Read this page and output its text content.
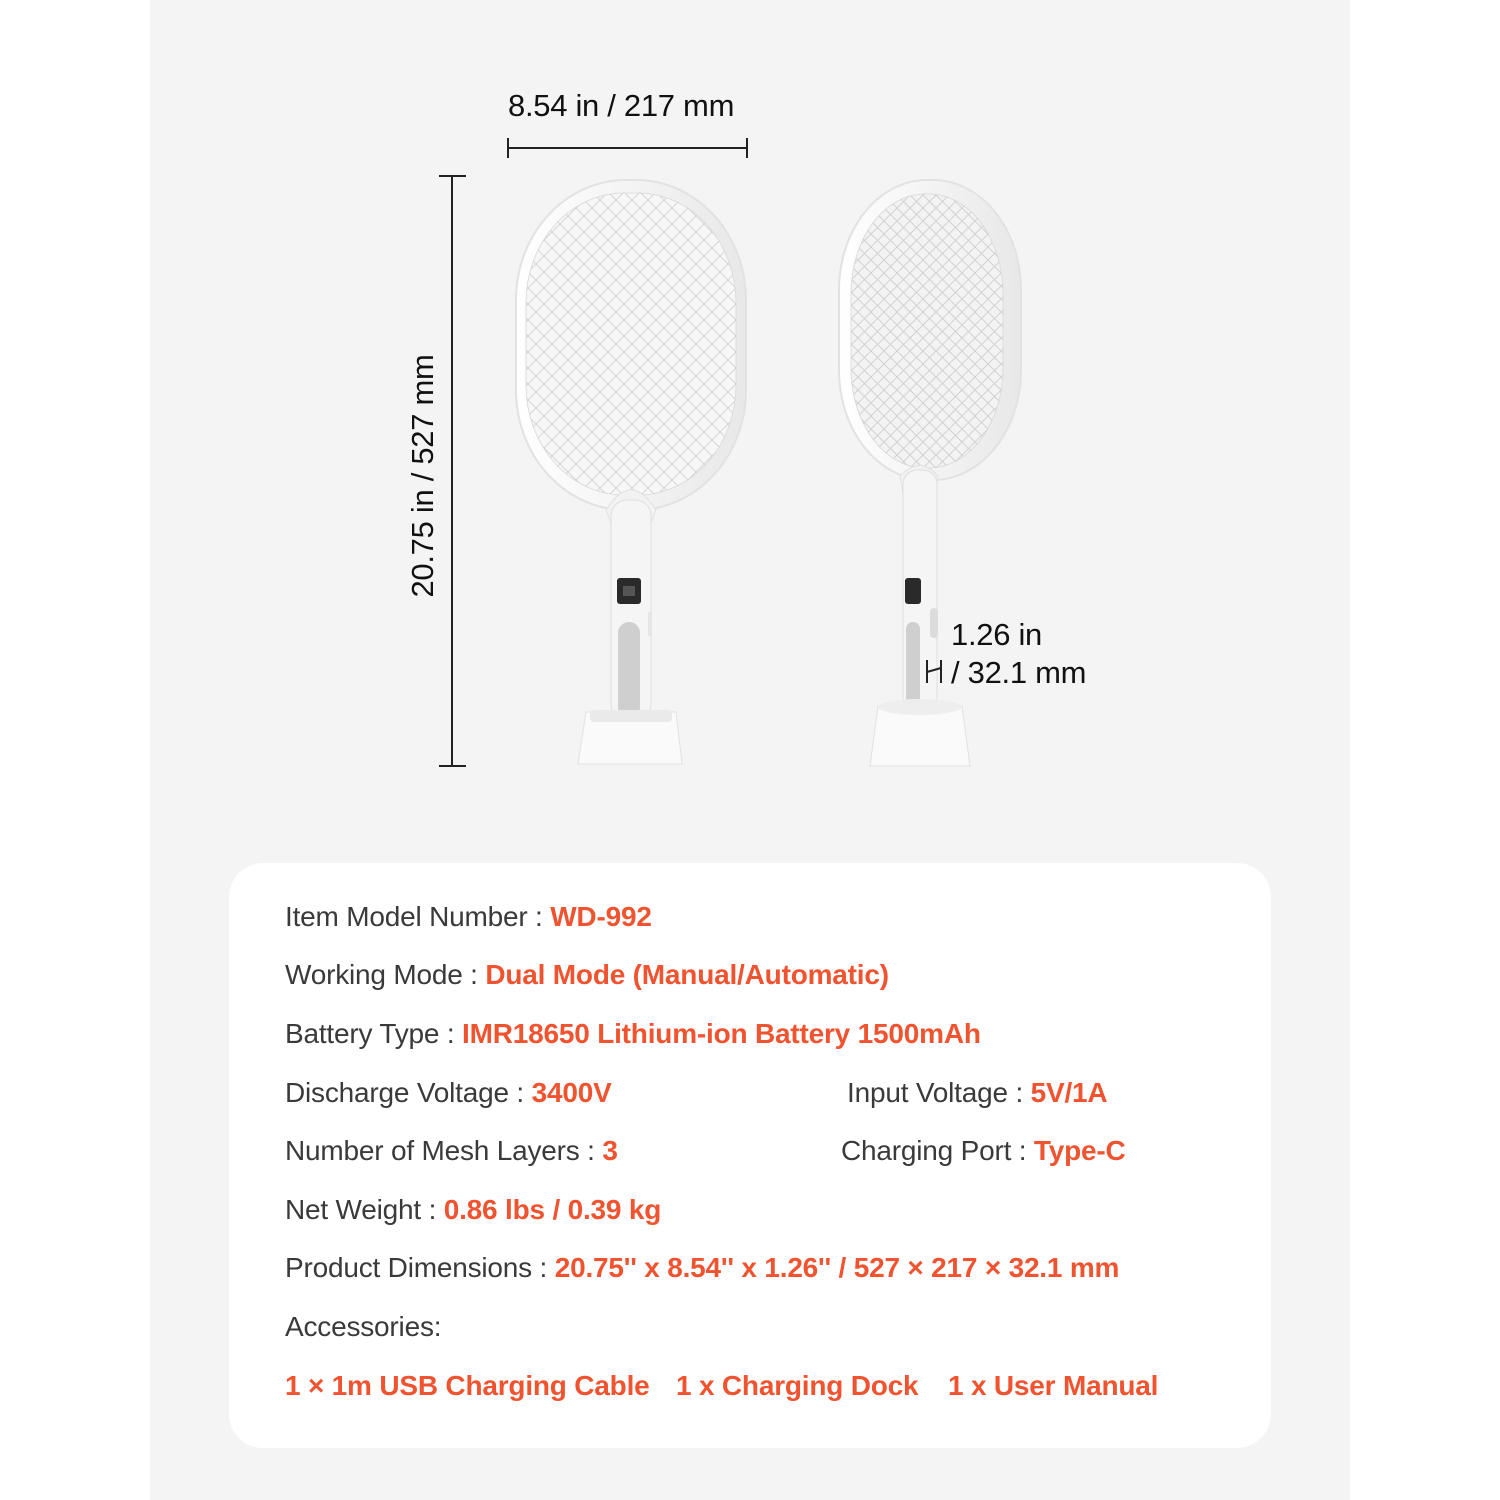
8.54 in / 217 mm
20.75 in / 527 mm
1.26 in
/ 32.1 mm
Item Model Number : WD-992
Working Mode : Dual Mode (Manual/Automatic)
Battery Type : IMR18650 Lithium-ion Battery 1500mAh
Discharge Voltage : 3400V	Input Voltage : 5V/1A
Number of Mesh Layers : 3	Charging Port : Type-C
Net Weight : 0.86 lbs / 0.39 kg
Product Dimensions : 20.75'' x 8.54'' x 1.26'' / 527 × 217 × 32.1 mm
Accessories:
1 × 1m USB Charging Cable 1 x Charging Dock 1 x User Manual
